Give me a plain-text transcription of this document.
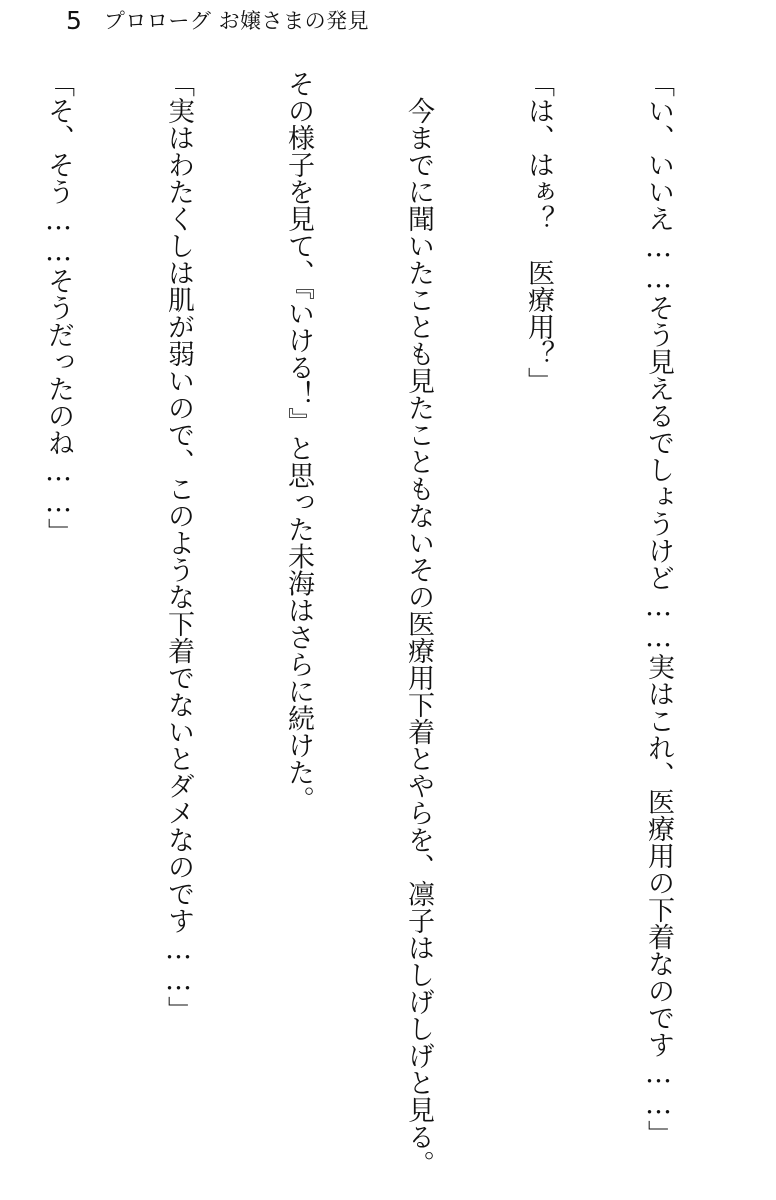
5 プロローグ お嬢さまの発見

「い、いいえ……そう見えるでしょうけど……実はこれ、医療用の下着なのです……」

「は、はぁ？　医療用？」

　今までに聞いたことも見たこともないその医療用下着とやらを、凛子はしげしげと見る。

その様子を見て、『いける！』と思った未海はさらに続けた。

「実はわたくしは肌が弱いので、このような下着でないとダメなのです……」

「そ、そう……そうだったのね……」
